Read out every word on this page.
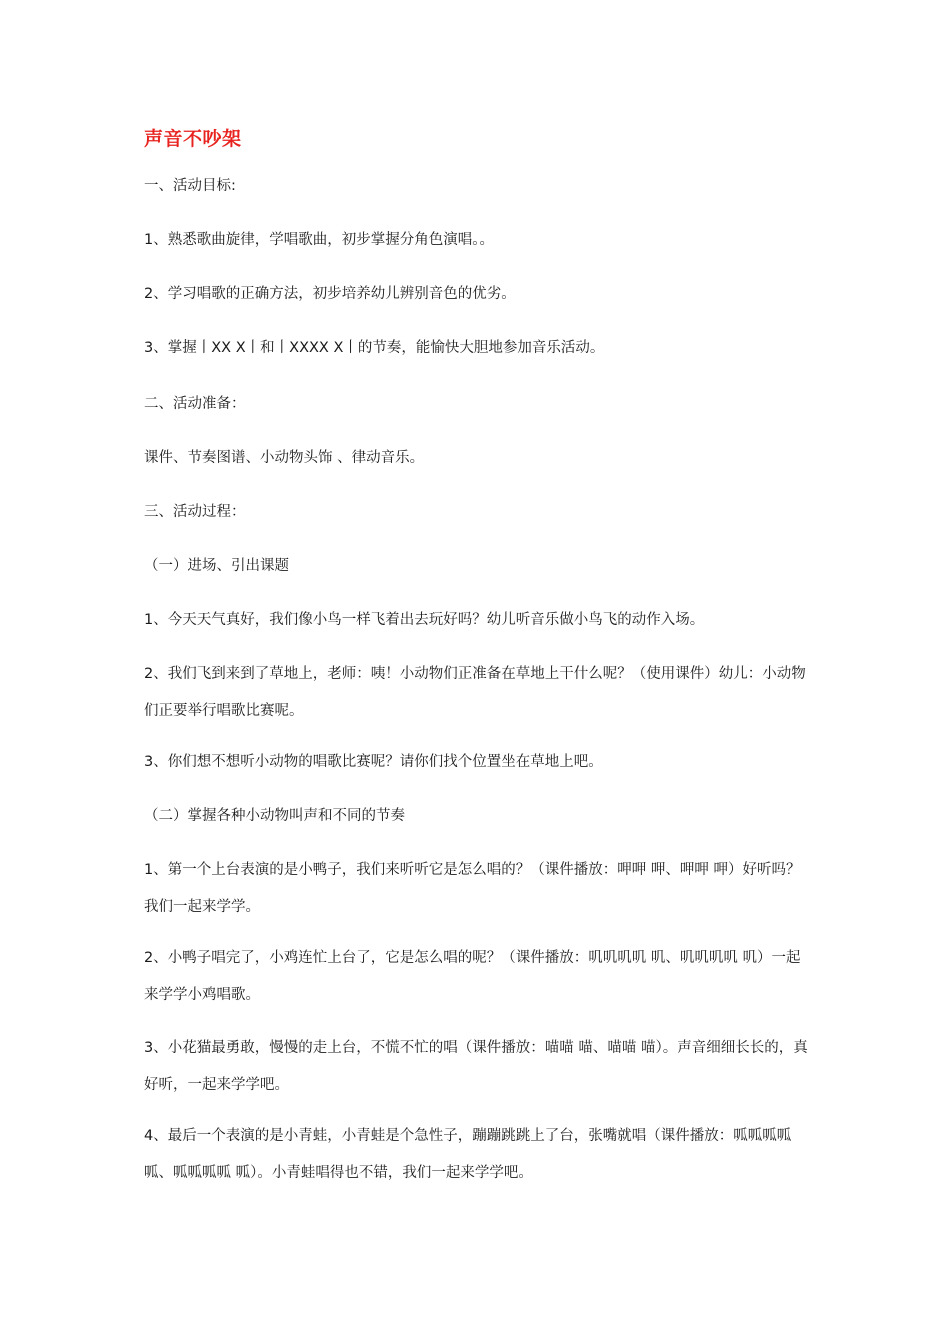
声音不吵架
一、活动目标:
1、熟悉歌曲旋律，学唱歌曲，初步掌握分角色演唱。。
2、学习唱歌的正确方法，初步培养幼儿辨别音色的优劣。
3、掌握丨XX X丨和丨XXXX X丨的节奏，能愉快大胆地参加音乐活动。
二、活动准备：
课件、节奏图谱、小动物头饰 、律动音乐。
三、活动过程：
（一）进场、引出课题
1、今天天气真好，我们像小鸟一样飞着出去玩好吗？幼儿听音乐做小鸟飞的动作入场。
2、我们飞到来到了草地上，老师：咦！小动物们正准备在草地上干什么呢？（使用课件）幼儿：小动物们正要举行唱歌比赛呢。
3、你们想不想听小动物的唱歌比赛呢？请你们找个位置坐在草地上吧。
（二）掌握各种小动物叫声和不同的节奏
1、第一个上台表演的是小鸭子，我们来听听它是怎么唱的？（课件播放：呷呷 呷、呷呷 呷）好听吗？我们一起来学学。
2、小鸭子唱完了，小鸡连忙上台了，它是怎么唱的呢？（课件播放：叽叽叽叽 叽、叽叽叽叽 叽）一起来学学小鸡唱歌。
3、小花猫最勇敢，慢慢的走上台，不慌不忙的唱（课件播放：喵喵 喵、喵喵 喵）。声音细细长长的，真好听，一起来学学吧。
4、最后一个表演的是小青蛙，小青蛙是个急性子，蹦蹦跳跳上了台，张嘴就唱（课件播放：呱呱呱呱 呱、呱呱呱呱 呱）。小青蛙唱得也不错，我们一起来学学吧。
